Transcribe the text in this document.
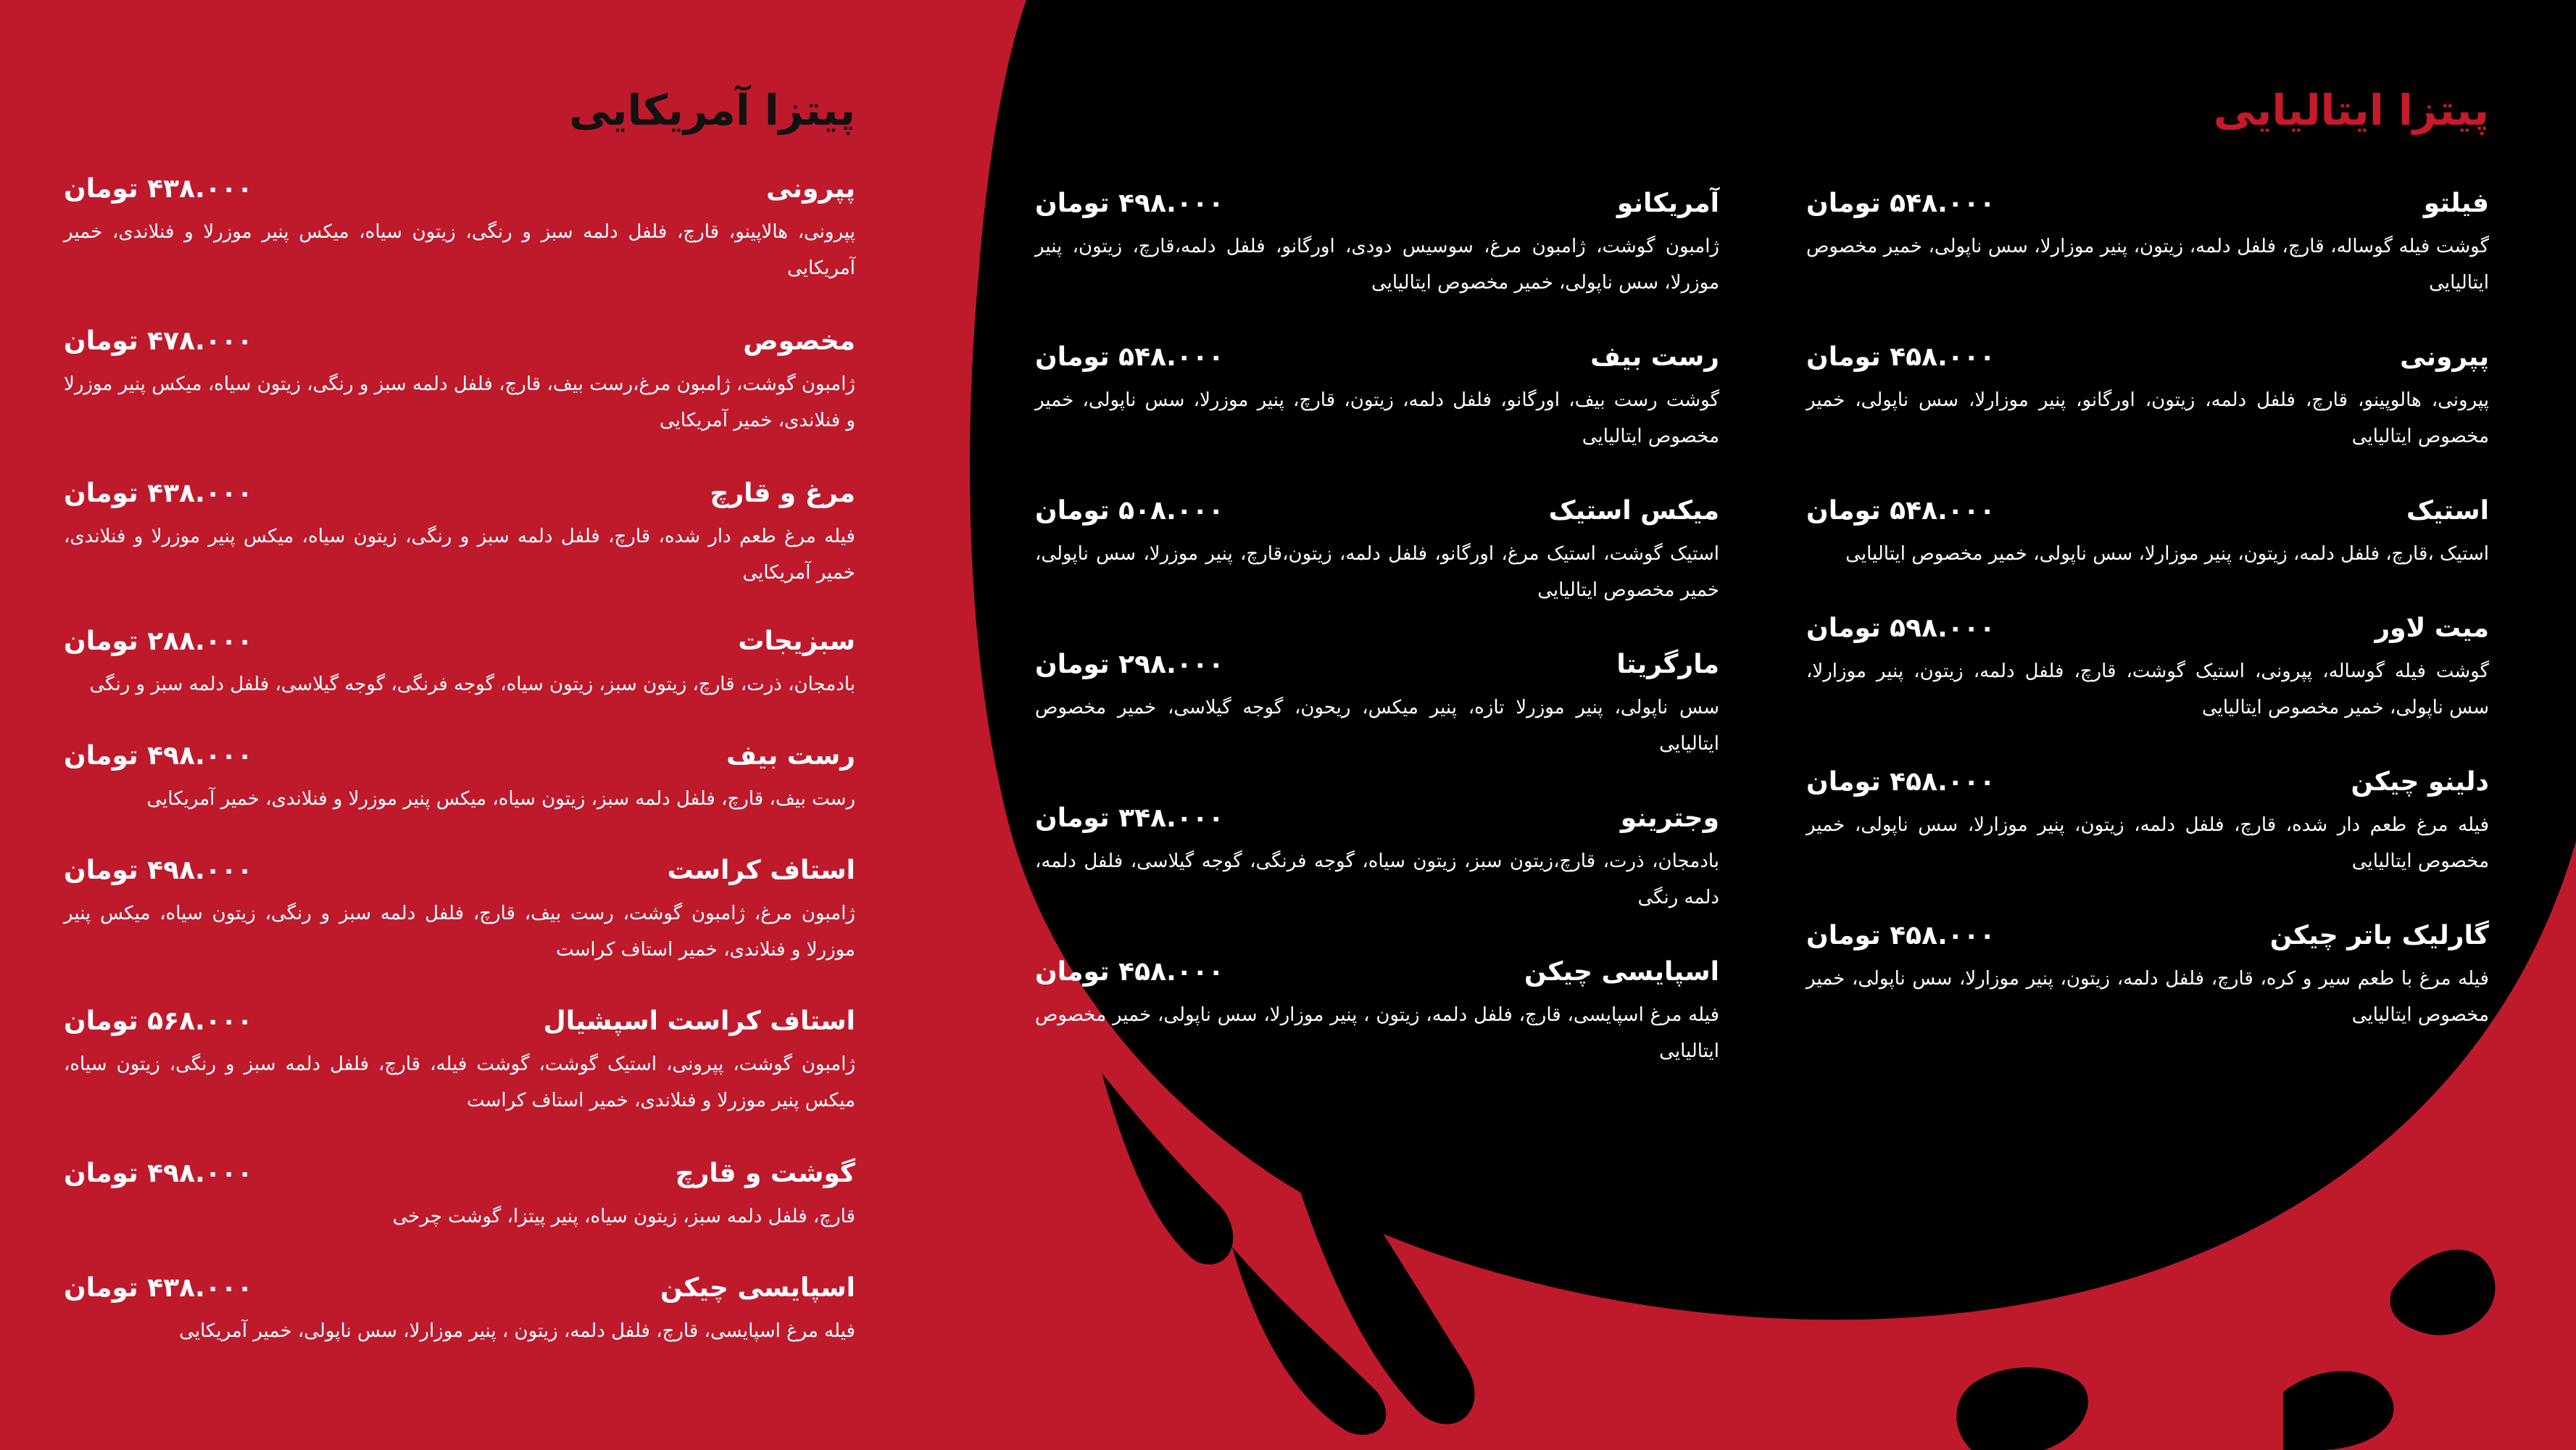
پیتزا آمریکایی
پپرونی
۴۳۸.۰۰۰ تومان
پپرونی، هالاپینو، قارچ، فلفل دلمه سبز و رنگی، زیتون سیاه، میکس پنیر موزرلا و فنلاندی، خمیر آمریکایی
مخصوص
۴۷۸.۰۰۰ تومان
ژامبون گوشت، ژامبون مرغ،رست بیف، قارچ، فلفل دلمه سبز و رنگی، زیتون سیاه، میکس پنیر موزرلا و فنلاندی، خمیر آمریکایی
مرغ و قارچ
۴۳۸.۰۰۰ تومان
فیله مرغ طعم دار شده، قارچ، فلفل دلمه سبز و رنگی، زیتون سیاه، میکس پنیر موزرلا و فنلاندی، خمیر آمریکایی
سبزیجات
۲۸۸.۰۰۰ تومان
بادمجان، ذرت، قارچ، زیتون سبز، زیتون سیاه، گوجه فرنگی، گوجه گیلاسی، فلفل دلمه سبز و رنگی
رست بیف
۴۹۸.۰۰۰ تومان
رست بیف، قارچ، فلفل دلمه سبز، زیتون سیاه، میکس پنیر موزرلا و فنلاندی، خمیر آمریکایی
استاف کراست
۴۹۸.۰۰۰ تومان
ژامبون مرغ، ژامبون گوشت، رست بیف، قارچ، فلفل دلمه سبز و رنگی، زیتون سیاه، میکس پنیر موزرلا و فنلاندی، خمیر استاف کراست
استاف کراست اسپشیال
۵۶۸.۰۰۰ تومان
ژامبون گوشت، پپرونی، استیک گوشت، گوشت فیله، قارچ، فلفل دلمه سبز و رنگی، زیتون سیاه، میکس پنیر موزرلا و فنلاندی، خمیر استاف کراست
گوشت و قارچ
۴۹۸.۰۰۰ تومان
قارچ، فلفل دلمه سبز، زیتون سیاه، پنیر پیتزا، گوشت چرخی
اسپایسی چیکن
۴۳۸.۰۰۰ تومان
فیله مرغ اسپایسی، قارچ، فلفل دلمه، زیتون ، پنیر موزارلا، سس ناپولی، خمیر آمریکایی
پیتزا ایتالیایی
فیلتو
۵۴۸.۰۰۰ تومان
گوشت فیله گوساله، قارچ، فلفل دلمه، زیتون، پنیر موزارلا، سس ناپولی، خمیر مخصوص ایتالیایی
پپرونی
۴۵۸.۰۰۰ تومان
پپرونی، هالوپینو، قارچ، فلفل دلمه، زیتون، اورگانو، پنیر موزارلا، سس ناپولی، خمیر مخصوص ایتالیایی
استیک
۵۴۸.۰۰۰ تومان
استیک ،قارچ، فلفل دلمه، زیتون، پنیر موزارلا، سس ناپولی، خمیر مخصوص ایتالیایی
میت لاور
۵۹۸.۰۰۰ تومان
گوشت فیله گوساله، پپرونی، استیک گوشت، قارچ، فلفل دلمه، زیتون، پنیر موزارلا، سس ناپولی، خمیر مخصوص ایتالیایی
دلینو چیکن
۴۵۸.۰۰۰ تومان
فیله مرغ طعم دار شده، قارچ، فلفل دلمه، زیتون، پنیر موزارلا، سس ناپولی، خمیر مخصوص ایتالیایی
گارلیک باتر چیکن
۴۵۸.۰۰۰ تومان
فیله مرغ با طعم سیر و کره، قارچ، فلفل دلمه، زیتون، پنیر موزارلا، سس ناپولی، خمیر مخصوص ایتالیایی
آمریکانو
۴۹۸.۰۰۰ تومان
ژامبون گوشت، ژامبون مرغ، سوسیس دودی، اورگانو، فلفل دلمه،قارچ، زیتون، پنیر موزرلا، سس ناپولی، خمیر مخصوص ایتالیایی
رست بیف
۵۴۸.۰۰۰ تومان
گوشت رست بیف، اورگانو، فلفل دلمه، زیتون، قارچ، پنیر موزرلا، سس ناپولی، خمیر مخصوص ایتالیایی
میکس استیک
۵۰۸.۰۰۰ تومان
استیک گوشت، استیک مرغ، اورگانو، فلفل دلمه، زیتون،قارچ، پنیر موزرلا، سس ناپولی، خمیر مخصوص ایتالیایی
مارگریتا
۲۹۸.۰۰۰ تومان
سس ناپولی، پنیر موزرلا تازه، پنیر میکس، ریحون، گوجه گیلاسی، خمیر مخصوص ایتالیایی
وجترینو
۳۴۸.۰۰۰ تومان
بادمجان، ذرت، قارچ،زیتون سبز، زیتون سیاه، گوجه فرنگی، گوجه گیلاسی، فلفل دلمه، دلمه رنگی
اسپایسی چیکن
۴۵۸.۰۰۰ تومان
فیله مرغ اسپایسی، قارچ، فلفل دلمه، زیتون ، پنیر موزارلا، سس ناپولی، خمیر مخصوص ایتالیایی
